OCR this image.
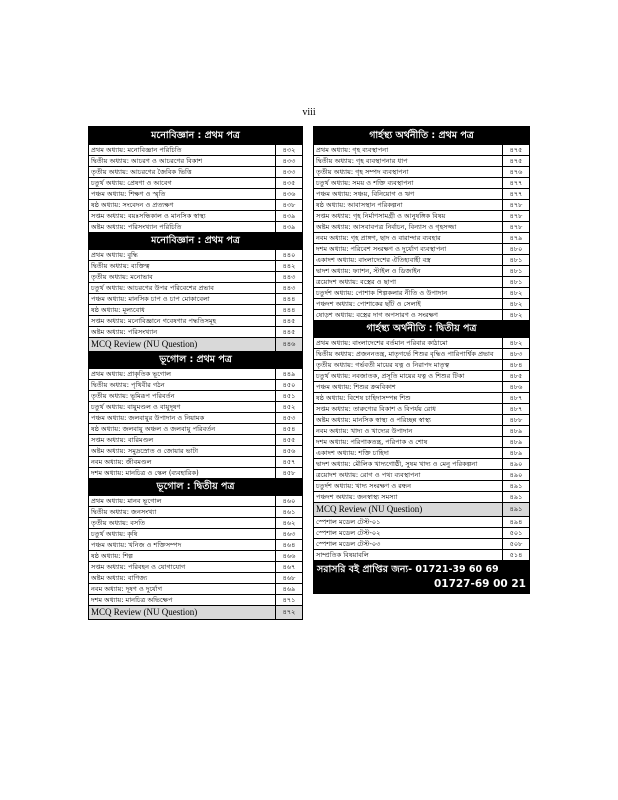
viii
মনোবিজ্ঞান : প্রথম পত্র
প্রথম অধ্যায়: মনোবিজ্ঞান পরিচিতি	৪৩২
দ্বিতীয় অধ্যায়: আচরণ ও আচরণের বিকাশ	৪৩৩
তৃতীয় অধ্যায়: আচরণের জৈবিক ভিত্তি	৪৩৩
চতুর্থ অধ্যায়: প্রেষণা ও আবেগ	৪৩৫
পঞ্চম অধ্যায়: শিক্ষণ ও স্মৃতি	৪৩৬
ষষ্ঠ অধ্যায়: সংবেদন ও প্রত্যক্ষণ	৪৩৮
সপ্তম অধ্যায়: বয়ঃসন্ধিকাল ও মানসিক স্বাস্থ্য	৪৩৯
অষ্টম অধ্যায়: পরিসংখ্যান পরিচিতি	৪৩৯
মনোবিজ্ঞান : প্রথম পত্র
প্রথম অধ্যায়: বুদ্ধি	৪৪০
দ্বিতীয় অধ্যায়: ব্যক্তিত্ব	৪৪২
তৃতীয় অধ্যায়: মনোভাব	৪৪৩
চতুর্থ অধ্যায়: আচরণের উপর পরিবেশের প্রভাব	৪৪৩
পঞ্চম অধ্যায়: মানসিক চাপ ও চাপ মোকাবেলা	৪৪৪
ষষ্ঠ অধ্যায়: মূল্যবোধ	৪৪৪
সপ্তম অধ্যায়: মনোবিজ্ঞানে গবেষণার পদ্ধতিসমূহ	৪৪৫
অষ্টম অধ্যায়: পরিসংখ্যান	৪৪৫
MCQ Review (NU Question)	৪৪৬
ভূগোল : প্রথম পত্র
প্রথম অধ্যায়: প্রাকৃতিক ভূগোল	৪৪৯
দ্বিতীয় অধ্যায়: পৃথিবীর গঠন	৪৫০
তৃতীয় অধ্যায়: ভূমিরূপ পরিবর্তন	৪৫১
চতুর্থ অধ্যায়: বায়ুমণ্ডল ও বায়ুদূষণ	৪৫২
পঞ্চম অধ্যায়: জলবায়ুর উপাদান ও নিয়ামক	৪৫৩
ষষ্ঠ অধ্যায়: জলবায়ু অঞ্চল ও জলবায়ু পরিবর্তন	৪৫৪
সপ্তম অধ্যায়: বারিমণ্ডল	৪৫৫
অষ্টম অধ্যায়: সমুদ্রস্রোত ও জোয়ার ভাটা	৪৫৬
নবম অধ্যায়: জীবমণ্ডল	৪৫৭
দশম অধ্যায়: মানচিত্র ও স্কেল (ব্যবহারিক)	৪৫৮
ভূগোল : দ্বিতীয় পত্র
প্রথম অধ্যায়: মানব ভূগোল	৪৬০
দ্বিতীয় অধ্যায়: জনসংখ্যা	৪৬১
তৃতীয় অধ্যায়: বসতি	৪৬২
চতুর্থ অধ্যায়: কৃষি	৪৬৩
পঞ্চম অধ্যায়: খনিজ ও শক্তিসম্পদ	৪৬৪
ষষ্ঠ অধ্যায়: শিল্প	৪৬৬
সপ্তম অধ্যায়: পরিবহন ও যোগাযোগ	৪৬৭
অষ্টম অধ্যায়: বাণিজ্য	৪৬৮
নবম অধ্যায়: দূষণ ও দুর্যোগ	৪৬৯
দশম অধ্যায়: মানচিত্র অভিক্ষেপ	৪৭১
MCQ Review (NU Question)	৪৭২
গার্হস্থ্য অর্থনীতি : প্রথম পত্র
প্রথম অধ্যায়: গৃহ ব্যবস্থাপনা	৪৭৫
দ্বিতীয় অধ্যায়: গৃহ ব্যবস্থাপনার ধাপ	৪৭৫
তৃতীয় অধ্যায়: গৃহ সম্পদ ব্যবস্থাপনা	৪৭৬
চতুর্থ অধ্যায়: সময় ও শক্তি ব্যবস্থাপনা	৪৭৭
পঞ্চম অধ্যায়: সঞ্চয়, বিনিয়োগ ও ঋণ	৪৭৭
ষষ্ঠ অধ্যায়: আবাসস্থান পরিকল্পনা	৪৭৮
সপ্তম অধ্যায়: গৃহ নির্মাণসামগ্রী ও আনুষঙ্গিক বিষয়	৪৭৮
অষ্টম অধ্যায়: আসবাবপত্র নির্বাচন, বিন্যাস ও গৃহসজ্জা	৪৭৮
নবম অধ্যায়: গৃহ প্রাঙ্গণ, ছাদ ও বারান্দার ব্যবহার	৪৭৯
দশম অধ্যায়: পরিবেশ সংরক্ষণ ও দুর্যোগ ব্যবস্থাপনা	৪৮০
একাদশ অধ্যায়: বাংলাদেশের ঐতিহ্যবাহী বস্ত্র	৪৮১
দ্বাদশ অধ্যায়: ফ্যাশন, স্টাইল ও ডিজাইন	৪৮১
ত্রয়োদশ অধ্যায়: বস্ত্রের ও ছাপা	৪৮১
চতুর্দশ অধ্যায়: পোশাক শিল্পকলার নীতি ও উপাদান	৪৮২
পঞ্চদশ অধ্যায়: পোশাকের ছাঁট ও সেলাই	৪৮২
ষোড়শ অধ্যায়: বস্ত্রের দাগ অপসারণ ও সংরক্ষণ	৪৮২
গার্হস্থ্য অর্থনীতি : দ্বিতীয় পত্র
প্রথম অধ্যায়: বাংলাদেশের বর্তমান পরিবার কাঠামো	৪৮২
দ্বিতীয় অধ্যায়: প্রজননতন্ত্র, মাতৃগর্ভে শিশুর বৃদ্ধিও পারিপার্শ্বিক প্রভাব	৪৮৩
তৃতীয় অধ্যায়: গর্ভবতী মায়ের যত্ন ও নিরাপদ মাতৃত্ব	৪৮৪
চতুর্থ অধ্যায়: নবজাতক, প্রসূতি মায়ের যত্ন ও শিশুর টিকা	৪৮৫
পঞ্চম অধ্যায়: শিশুর ক্রমবিকাশ	৪৮৬
ষষ্ঠ অধ্যায়: বিশেষ চাহিদাসম্পন্ন শিশু	৪৮৭
সপ্তম অধ্যায়: তারুণ্যের বিকাশ ও বিপর্যয় রোধ	৪৮৭
অষ্টম অধ্যায়: মানসিক স্বাস্থ্য ও পরিচ্ছন্ন স্বাস্থ্য	৪৮৮
নবম অধ্যায়: খাদ্য ও খাদ্যের উপাদান	৪৮৯
দশম অধ্যায়: পরিপাকতন্ত্র, পরিপাক ও শোষ	৪৮৯
একাদশ অধ্যায়: শক্তি চাহিদা	৪৮৯
দ্বাদশ অধ্যায়: মৌলিক খাদ্যগোষ্ঠী, সুষম খাদ্য ও মেনু পরিকল্পনা	৪৯০
ত্রয়োদশ অধ্যায়: রোগ ও পথ্য ব্যবস্থাপনা	৪৯০
চতুর্দশ অধ্যায়: খাদ্য সংরক্ষণ ও রন্ধন	৪৯১
পঞ্চদশ অধ্যায়: জনস্বাস্থ্য সমস্যা	৪৯১
MCQ Review (NU Question)	৪৯১
স্পেশাল মডেল টেস্ট-০১	৪৯৪
স্পেশাল মডেল টেস্ট-০২	৫০১
স্পেশাল মডেল টেস্ট-০৩	৫০৮
সাম্প্রতিক বিষয়াবলি	৫১৪
সরাসরি বই প্রাপ্তির জন্য- 01721-39 60 69
01727-69 00 21
